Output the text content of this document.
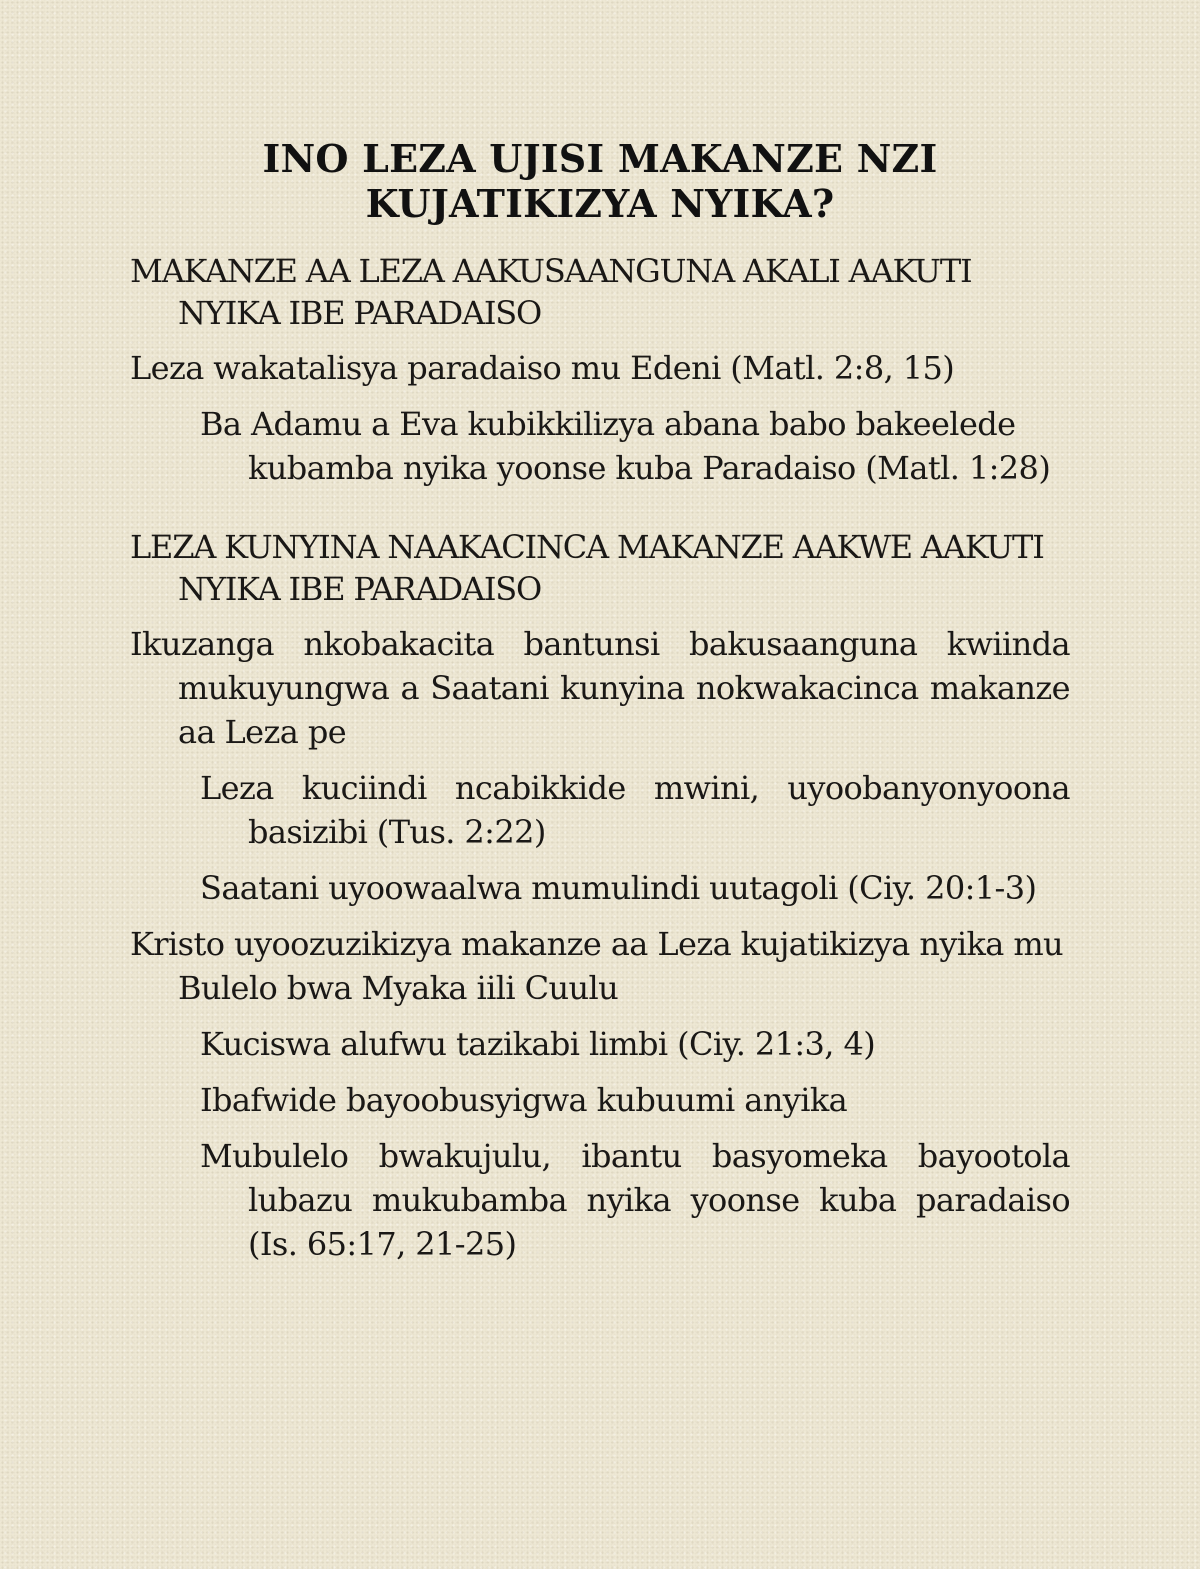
INO LEZA UJISI MAKANZE NZI
KUJATIKIZYA NYIKA?
MAKANZE AA LEZA AAKUSAANGUNA AKALI AAKUTI NYIKA IBE PARADAISO
Leza wakatalisya paradaiso mu Edeni (Matl. 2:8, 15)
Ba Adamu a Eva kubikkilizya abana babo bakeelede kubamba nyika yoonse kuba Paradaiso (Matl. 1:28)
LEZA KUNYINA NAAKACINCA MAKANZE AAKWE AAKUTI NYIKA IBE PARADAISO
Ikuzanga nkobakacita bantunsi bakusaanguna kwiinda mukuyungwa a Saatani kunyina nokwakacinca makanze aa Leza pe
Leza kuciindi ncabikkide mwini, uyoobanyonyoona basizibi (Tus. 2:22)
Saatani uyoowaalwa mumulindi uutagoli (Ciy. 20:1-3)
Kristo uyoozuzikizya makanze aa Leza kujatikizya nyika mu Bulelo bwa Myaka iili Cuulu
Kuciswa alufwu tazikabi limbi (Ciy. 21:3, 4)
Ibafwide bayoobusyigwa kubuumi anyika
Mubulelo bwakujulu, ibantu basyomeka bayootola lubazu mukubamba nyika yoonse kuba paradaiso (Is. 65:17, 21-25)
